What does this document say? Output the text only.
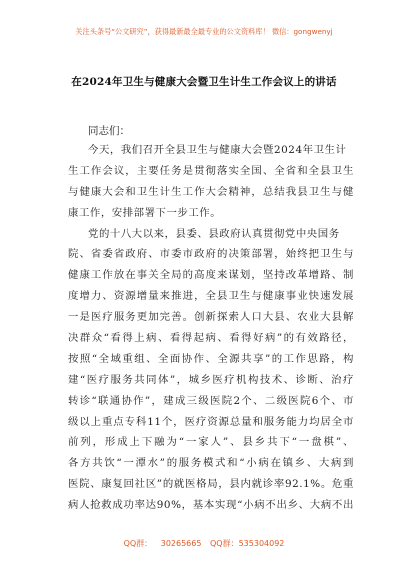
关注头条号“公文研究”，获得最新最全最专业的公文资料库！ 微信：gongwenyj
在2024年卫生与健康大会暨卫生计生工作会议上的讲话
同志们：
今天，我们召开全县卫生与健康大会暨2024年卫生计
生工作会议，主要任务是贯彻落实全国、全省和全县卫生
与健康大会和卫生计生工作大会精神，总结我县卫生与健
康工作，安排部署下一步工作。
党的十八大以来，县委、县政府认真贯彻党中央国务
院、省委省政府、市委市政府的决策部署，始终把卫生与
健康工作放在事关全局的高度来谋划，坚持改革增路、制
度增力、资源增量来推进，全县卫生与健康事业快速发展
一是医疗服务更加完善。创新探索人口大县、农业大县解
决群众“看得上病、看得起病、看得好病”的有效路径，
按照“全域重组、全面协作、全源共享”的工作思路，构
建“医疗服务共同体”，城乡医疗机构技术、诊断、治疗
转诊“联通协作”，建成三级医院2个、二级医院6个、市
级以上重点专科11个，医疗资源总量和服务能力均居全市
前列，形成上下融为“一家人”、县乡共下“一盘棋”、
各方共饮“一潭水”的服务模式和“小病在镇乡、大病到
医院、康复回社区”的就医格局，县内就诊率92.1%。危重
病人抢救成功率达90%，基本实现“小病不出乡、大病不出
QQ群： 30265665 QQ群：535304092
